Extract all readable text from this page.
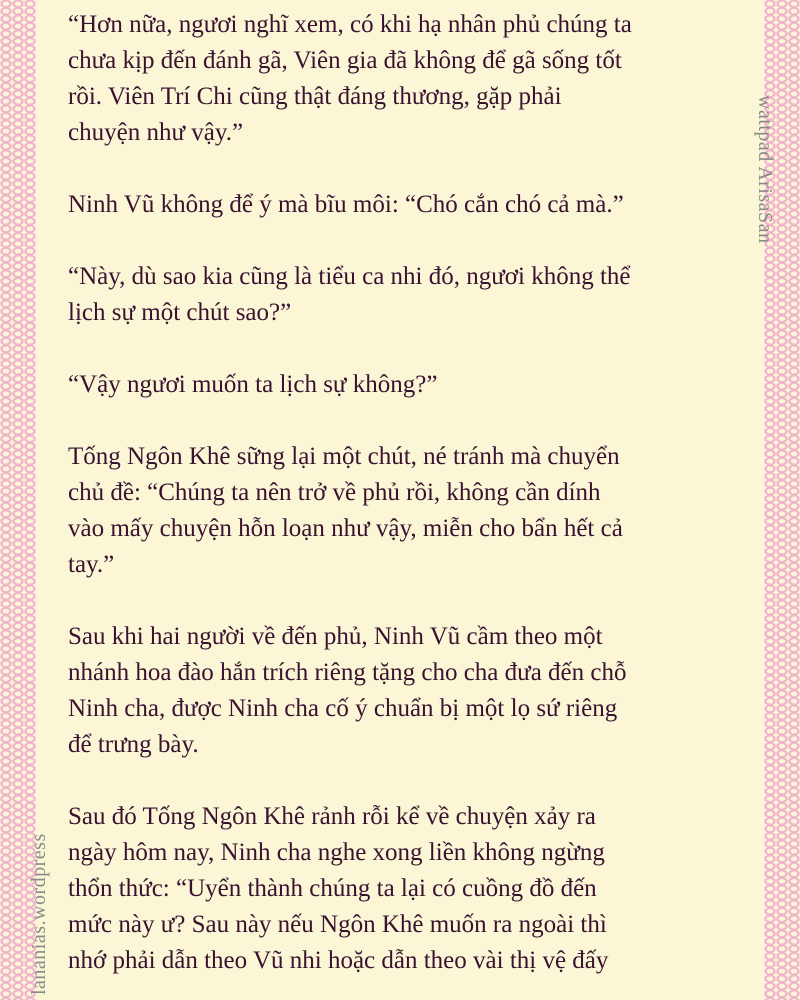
wattpad ArisaSan
lananias.wordpress

“Hơn nữa, ngươi nghĩ xem, có khi hạ nhân phủ chúng ta
chưa kịp đến đánh gã, Viên gia đã không để gã sống tốt
rồi. Viên Trí Chi cũng thật đáng thương, gặp phải
chuyện như vậy.”

Ninh Vũ không để ý mà bĩu môi: “Chó cắn chó cả mà.”

“Này, dù sao kia cũng là tiểu ca nhi đó, ngươi không thể
lịch sự một chút sao?”

“Vậy ngươi muốn ta lịch sự không?”

Tống Ngôn Khê sững lại một chút, né tránh mà chuyển
chủ đề: “Chúng ta nên trở về phủ rồi, không cần dính
vào mấy chuyện hỗn loạn như vậy, miễn cho bẩn hết cả
tay.”

Sau khi hai người về đến phủ, Ninh Vũ cầm theo một
nhánh hoa đào hắn trích riêng tặng cho cha đưa đến chỗ
Ninh cha, được Ninh cha cố ý chuẩn bị một lọ sứ riêng
để trưng bày.

Sau đó Tống Ngôn Khê rảnh rỗi kể về chuyện xảy ra
ngày hôm nay, Ninh cha nghe xong liền không ngừng
thổn thức: “Uyển thành chúng ta lại có cuồng đồ đến
mức này ư? Sau này nếu Ngôn Khê muốn ra ngoài thì
nhớ phải dẫn theo Vũ nhi hoặc dẫn theo vài thị vệ đấy
